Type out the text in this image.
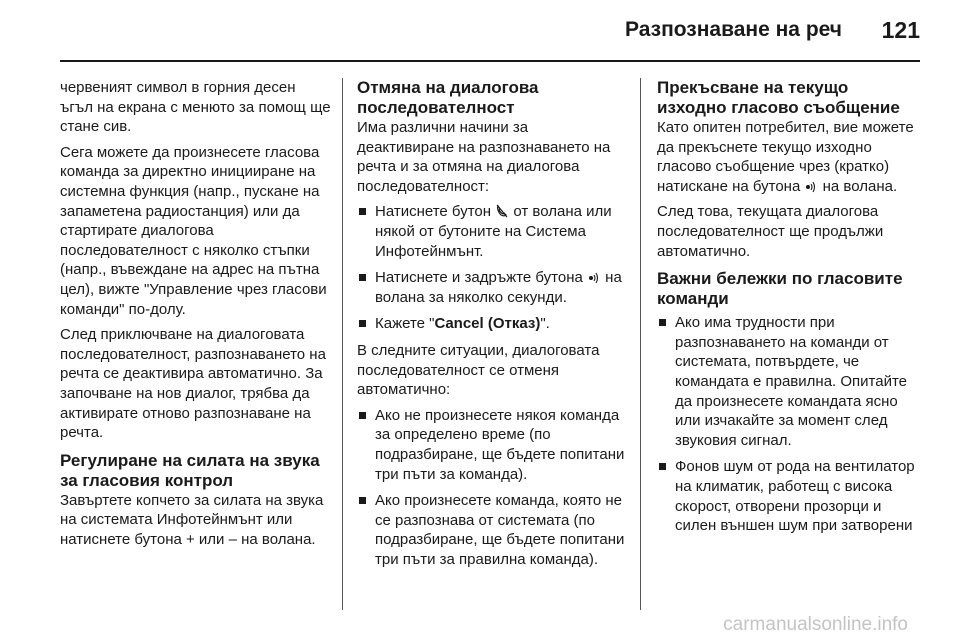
Разпознаване на реч 121

червеният символ в горния десен ъгъл на екрана с менюто за помощ ще стане сив.

Сега можете да произнесете гласова команда за директно иницииране на системна функция (напр., пускане на запаметена радиостанция) или да стартирате диалогова последователност с няколко стъпки (напр., въвеждане на адрес на пътна цел), вижте "Управление чрез гласови команди" по-долу.

След приключване на диалоговата последователност, разпознаването на речта се деактивира автоматично. За започване на нов диалог, трябва да активирате отново разпознаване на речта.

Регулиране на силата на звука за гласовия контрол

Завъртете копчето за силата на звука на системата Инфотейнмънт или натиснете бутона + или – на волана.

Отмяна на диалогова последователност

Има различни начини за деактивиране на разпознаването на речта и за отмяна на диалогова последователност:

Натиснете бутон  от волана или някой от бутоните на Система Инфотейнмънт.
Натиснете и задръжте бутона  на волана за няколко секунди.
Кажете "Cancel (Отказ)".

В следните ситуации, диалоговата последователност се отменя автоматично:

Ако не произнесете някоя команда за определено време (по подразбиране, ще бъдете попитани три пъти за команда).
Ако произнесете команда, която не се разпознава от системата (по подразбиране, ще бъдете попитани три пъти за правилна команда).
Прекъсване на текущо изходно гласово съобщение

Като опитен потребител, вие можете да прекъснете текущо изходно гласово съобщение чрез (кратко) натискане на бутона  на волана.

След това, текущата диалогова последователност ще продължи автоматично.

Важни бележки по гласовите команди
Ако има трудности при разпознаването на команди от системата, потвърдете, че командата е правилна. Опитайте да произнесете командата ясно или изчакайте за момент след звуковия сигнал.
Фонов шум от рода на вентилатор на климатик, работещ с висока скорост, отворени прозорци и силен външен шум при затворени
carmanualsonline.info
